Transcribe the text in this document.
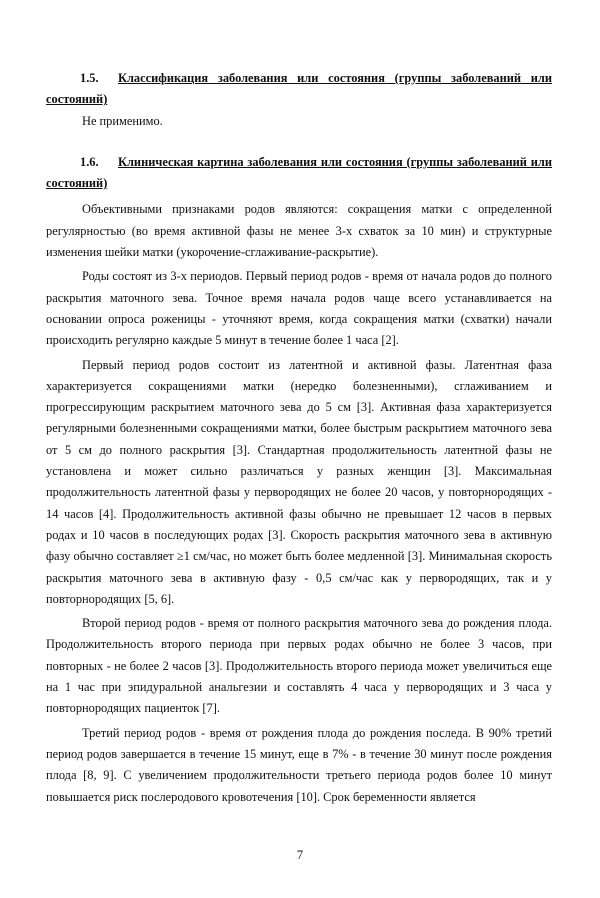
1.5. Классификация заболевания или состояния (группы заболеваний или состояний)

Не применимо.

1.6. Клиническая картина заболевания или состояния (группы заболеваний или состояний)

Объективными признаками родов являются: сокращения матки с определенной регулярностью (во время активной фазы не менее 3-х схваток за 10 мин) и структурные изменения шейки матки (укорочение-сглаживание-раскрытие).

Роды состоят из 3-х периодов. Первый период родов - время от начала родов до полного раскрытия маточного зева. Точное время начала родов чаще всего устанавливается на основании опроса роженицы - уточняют время, когда сокращения матки (схватки) начали происходить регулярно каждые 5 минут в течение более 1 часа [2].

Первый период родов состоит из латентной и активной фазы. Латентная фаза характеризуется сокращениями матки (нередко болезненными), сглаживанием и прогрессирующим раскрытием маточного зева до 5 см [3]. Активная фаза характеризуется регулярными болезненными сокращениями матки, более быстрым раскрытием маточного зева от 5 см до полного раскрытия [3]. Стандартная продолжительность латентной фазы не установлена и может сильно различаться у разных женщин [3]. Максимальная продолжительность латентной фазы у первородящих не более 20 часов, у повторнородящих - 14 часов [4]. Продолжительность активной фазы обычно не превышает 12 часов в первых родах и 10 часов в последующих родах [3]. Скорость раскрытия маточного зева в активную фазу обычно составляет ≥1 см/час, но может быть более медленной [3]. Минимальная скорость раскрытия маточного зева в активную фазу - 0,5 см/час как у первородящих, так и у повторнородящих [5, 6].

Второй период родов - время от полного раскрытия маточного зева до рождения плода. Продолжительность второго периода при первых родах обычно не более 3 часов, при повторных - не более 2 часов [3]. Продолжительность второго периода может увеличиться еще на 1 час при эпидуральной анальгезии и составлять 4 часа у первородящих и 3 часа у повторнородящих пациенток [7].

Третий период родов - время от рождения плода до рождения последа. В 90% третий период родов завершается в течение 15 минут, еще в 7% - в течение 30 минут после рождения плода [8, 9]. С увеличением продолжительности третьего периода родов более 10 минут повышается риск послеродового кровотечения [10]. Срок беременности является

7
